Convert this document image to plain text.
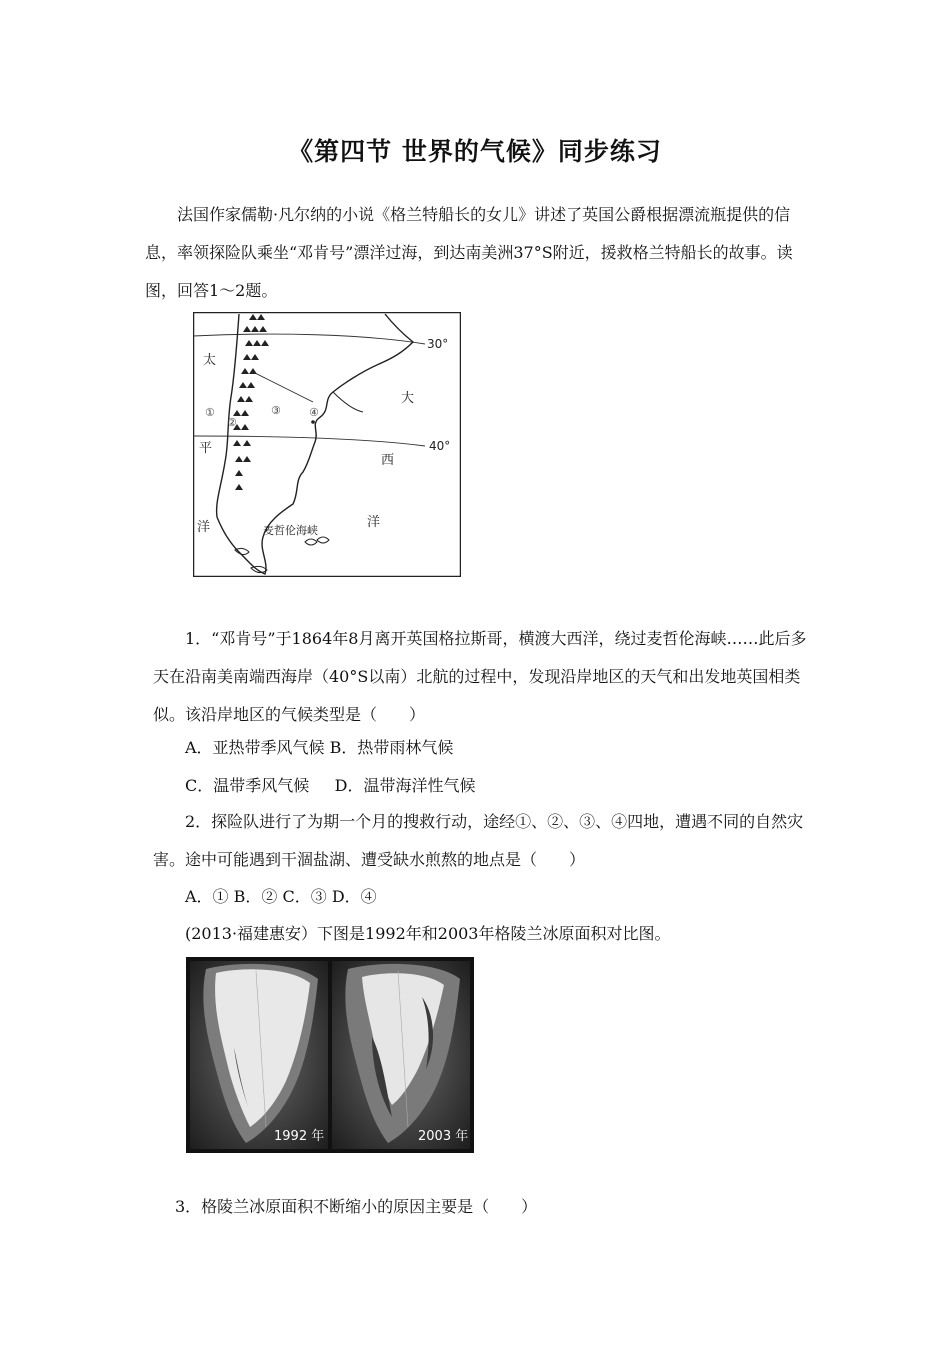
《第四节 世界的气候》同步练习
法国作家儒勒·凡尔纳的小说《格兰特船长的女儿》讲述了英国公爵根据漂流瓶提供的信息，率领探险队乘坐“邓肯号”漂洋过海，到达南美洲37°S附近，援救格兰特船长的故事。读图，回答1～2题。
太
平
洋
大
西
洋
30°
40°
麦哲伦海峡
①
②
③	④
1．“邓肯号”于1864年8月离开英国格拉斯哥，横渡大西洋，绕过麦哲伦海峡……此后多天在沿南美南端西海岸（40°S以南）北航的过程中，发现沿岸地区的天气和出发地英国相类似。该沿岸地区的气候类型是（　　）
A．亚热带季风气候 B．热带雨林气候
C．温带季风气候     D．温带海洋性气候
2．探险队进行了为期一个月的搜救行动，途经①、②、③、④四地，遭遇不同的自然灾害。途中可能遇到干涸盐湖、遭受缺水煎熬的地点是（　　）
A．① B．② C．③ D．④
(2013·福建惠安）下图是1992年和2003年格陵兰冰原面积对比图。
1992 年	2003 年
3．格陵兰冰原面积不断缩小的原因主要是（　　）
